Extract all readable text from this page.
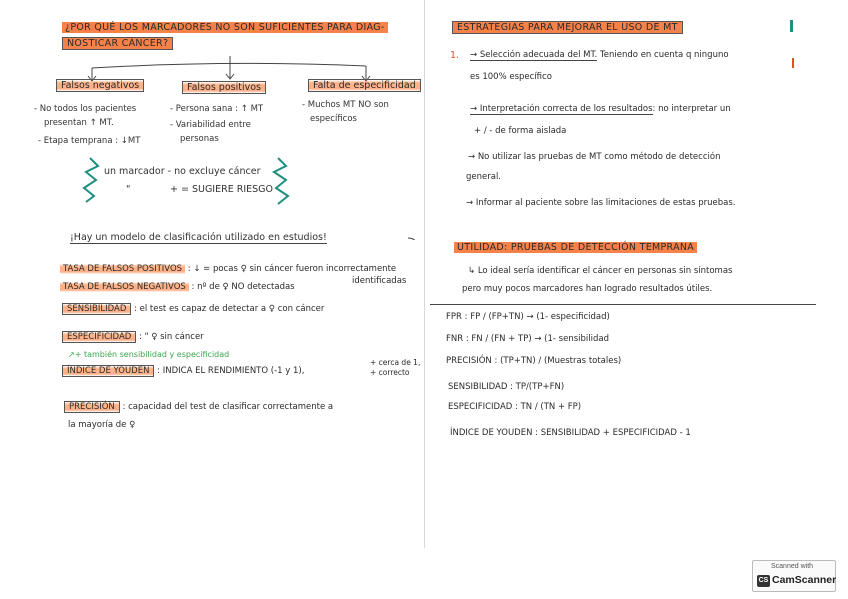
¿POR QUÉ LOS MARCADORES NO SON SUFICIENTES PARA DIAG-
NOSTICAR CÁNCER?
Falsos negativos	Falsos positivos	Falta de especificidad
- No todos los pacientes
presentan ↑ MT.
- Etapa temprana : ↓MT
- Persona sana : ↑ MT
- Variabilidad entre
personas
- Muchos MT NO son
específicos
un marcador - no excluye cáncer
"	+ = SUGIERE RIESGO
¡Hay un modelo de clasificación utilizado en estudios!
TASA DE FALSOS POSITIVOS : ↓ = pocas ♀ sin cáncer fueron incorrectamente
identificadas
TASA DE FALSOS NEGATIVOS : nº de ♀ NO detectadas
SENSIBILIDAD : el test es capaz de detectar a ♀ con cáncer
ESPECIFICIDAD : " ♀ sin cáncer
↗+ también sensibilidad y especificidad
ÍNDICE DE YOUDEN : INDICA EL RENDIMIENTO (-1 y 1),
+ cerca de 1,
+ correcto
PRECISIÓN : capacidad del test de clasificar correctamente a
la mayoría de ♀
ESTRATEGIAS PARA MEJORAR EL USO DE MT
1. → Selección adecuada del MT. Teniendo en cuenta q ninguno
es 100% específico
→ Interpretación correcta de los resultados: no interpretar un
+ / - de forma aislada
→ No utilizar las pruebas de MT como método de detección
general.
→ Informar al paciente sobre las limitaciones de estas pruebas.
UTILIDAD: PRUEBAS DE DETECCIÓN TEMPRANA
↳ Lo ideal sería identificar el cáncer en personas sin síntomas
pero muy pocos marcadores han logrado resultados útiles.
FPR : FP / (FP+TN) → (1- especificidad)
FNR : FN / (FN + TP) → (1- sensibilidad
PRECISIÓN : (TP+TN) / (Muestras totales)
SENSIBILIDAD : TP/(TP+FN)
ESPECIFICIDAD : TN / (TN + FP)
ÍNDICE DE YOUDEN : SENSIBILIDAD + ESPECIFICIDAD - 1
Scanned with
CS CamScanner
